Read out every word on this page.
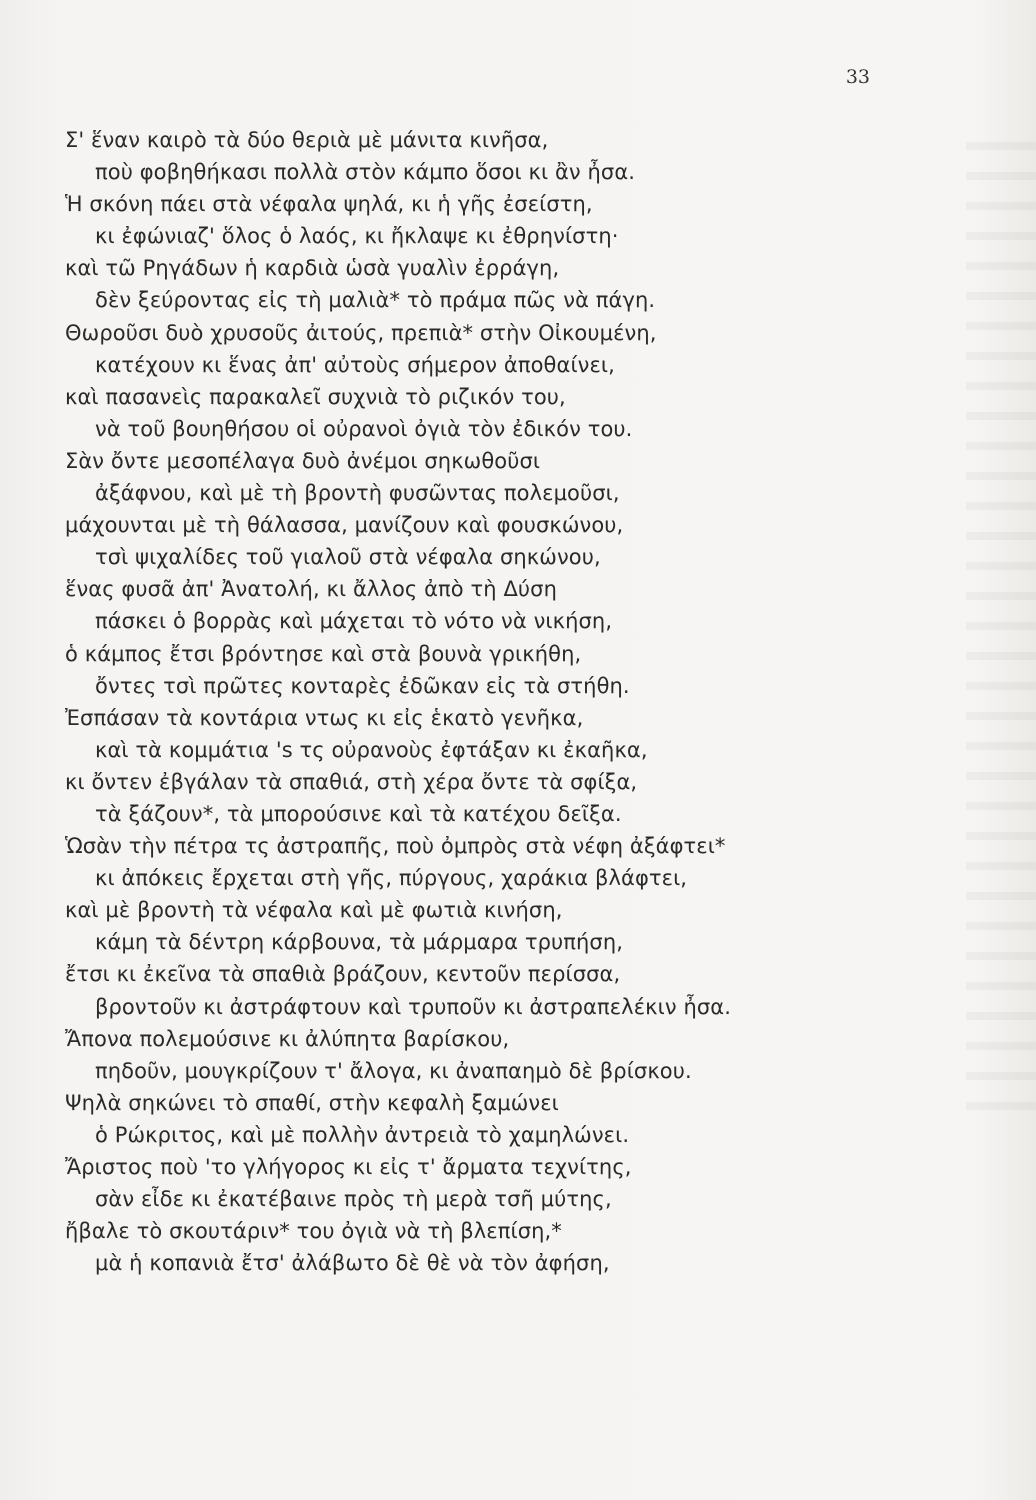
33
Σ' ἕναν καιρὸ τὰ δύο θεριὰ μὲ μάνιτα κινῆσα,
ποὺ φοβηθήκασι πολλὰ στὸν κάμπο ὅσοι κι ἂν ἦσα.
Ἡ σκόνη πάει στὰ νέφαλα ψηλά, κι ἡ γῆς ἐσείστη,
κι ἐφώνιαζ' ὅλος ὁ λαός, κι ἤκλαψε κι ἐθρηνίστη·
καὶ τῶ Ρηγάδων ἡ καρδιὰ ὡσὰ γυαλὶν ἐρράγη,
δὲν ξεύροντας εἰς τὴ μαλιὰ* τὸ πράμα πῶς νὰ πάγη.
Θωροῦσι δυὸ χρυσοῦς ἀιτούς, πρεπιὰ* στὴν Οἰκουμένη,
κατέχουν κι ἕνας ἀπ' αὐτοὺς σήμερον ἀποθαίνει,
καὶ πασανεὶς παρακαλεῖ συχνιὰ τὸ ριζικόν του,
νὰ τοῦ βουηθήσου οἱ οὐρανοὶ ὀγιὰ τὸν ἐδικόν του.
Σὰν ὄντε μεσοπέλαγα δυὸ ἀνέμοι σηκωθοῦσι
ἀξάφνου, καὶ μὲ τὴ βροντὴ φυσῶντας πολεμοῦσι,
μάχουνται μὲ τὴ θάλασσα, μανίζουν καὶ φουσκώνου,
τσὶ ψιχαλίδες τοῦ γιαλοῦ στὰ νέφαλα σηκώνου,
ἕνας φυσᾶ ἀπ' Ἀνατολή, κι ἄλλος ἀπὸ τὴ Δύση
πάσκει ὁ βορρὰς καὶ μάχεται τὸ νότο νὰ νικήση,
ὁ κάμπος ἔτσι βρόντησε καὶ στὰ βουνὰ γρικήθη,
ὄντες τσὶ πρῶτες κονταρὲς ἐδῶκαν εἰς τὰ στήθη.
Ἐσπάσαν τὰ κοντάρια ντως κι εἰς ἑκατὸ γενῆκα,
καὶ τὰ κομμάτια 's τς οὐρανοὺς ἐφτάξαν κι ἐκαῆκα,
κι ὄντεν ἐβγάλαν τὰ σπαθιά, στὴ χέρα ὄντε τὰ σφίξα,
τὰ ξάζουν*, τὰ μπορούσινε καὶ τὰ κατέχου δεῖξα.
Ὡσὰν τὴν πέτρα τς ἀστραπῆς, ποὺ ὀμπρὸς στὰ νέφη ἀξάφτει*
κι ἀπόκεις ἔρχεται στὴ γῆς, πύργους, χαράκια βλάφτει,
καὶ μὲ βροντὴ τὰ νέφαλα καὶ μὲ φωτιὰ κινήση,
κάμη τὰ δέντρη κάρβουνα, τὰ μάρμαρα τρυπήση,
ἔτσι κι ἐκεῖνα τὰ σπαθιὰ βράζουν, κεντοῦν περίσσα,
βροντοῦν κι ἀστράφτουν καὶ τρυποῦν κι ἀστραπελέκιν ἦσα.
Ἄπονα πολεμούσινε κι ἀλύπητα βαρίσκου,
πηδοῦν, μουγκρίζουν τ' ἄλογα, κι ἀναπαημὸ δὲ βρίσκου.
Ψηλὰ σηκώνει τὸ σπαθί, στὴν κεφαλὴ ξαμώνει
ὁ Ρώκριτος, καὶ μὲ πολλὴν ἀντρειὰ τὸ χαμηλώνει.
Ἄριστος ποὺ 'το γλήγορος κι εἰς τ' ἄρματα τεχνίτης,
σὰν εἶδε κι ἐκατέβαινε πρὸς τὴ μερὰ τσῆ μύτης,
ἤβαλε τὸ σκουτάριν* του ὀγιὰ νὰ τὴ βλεπίση,*
μὰ ἡ κοπανιὰ ἔτσ' ἀλάβωτο δὲ θὲ νὰ τὸν ἀφήση,
